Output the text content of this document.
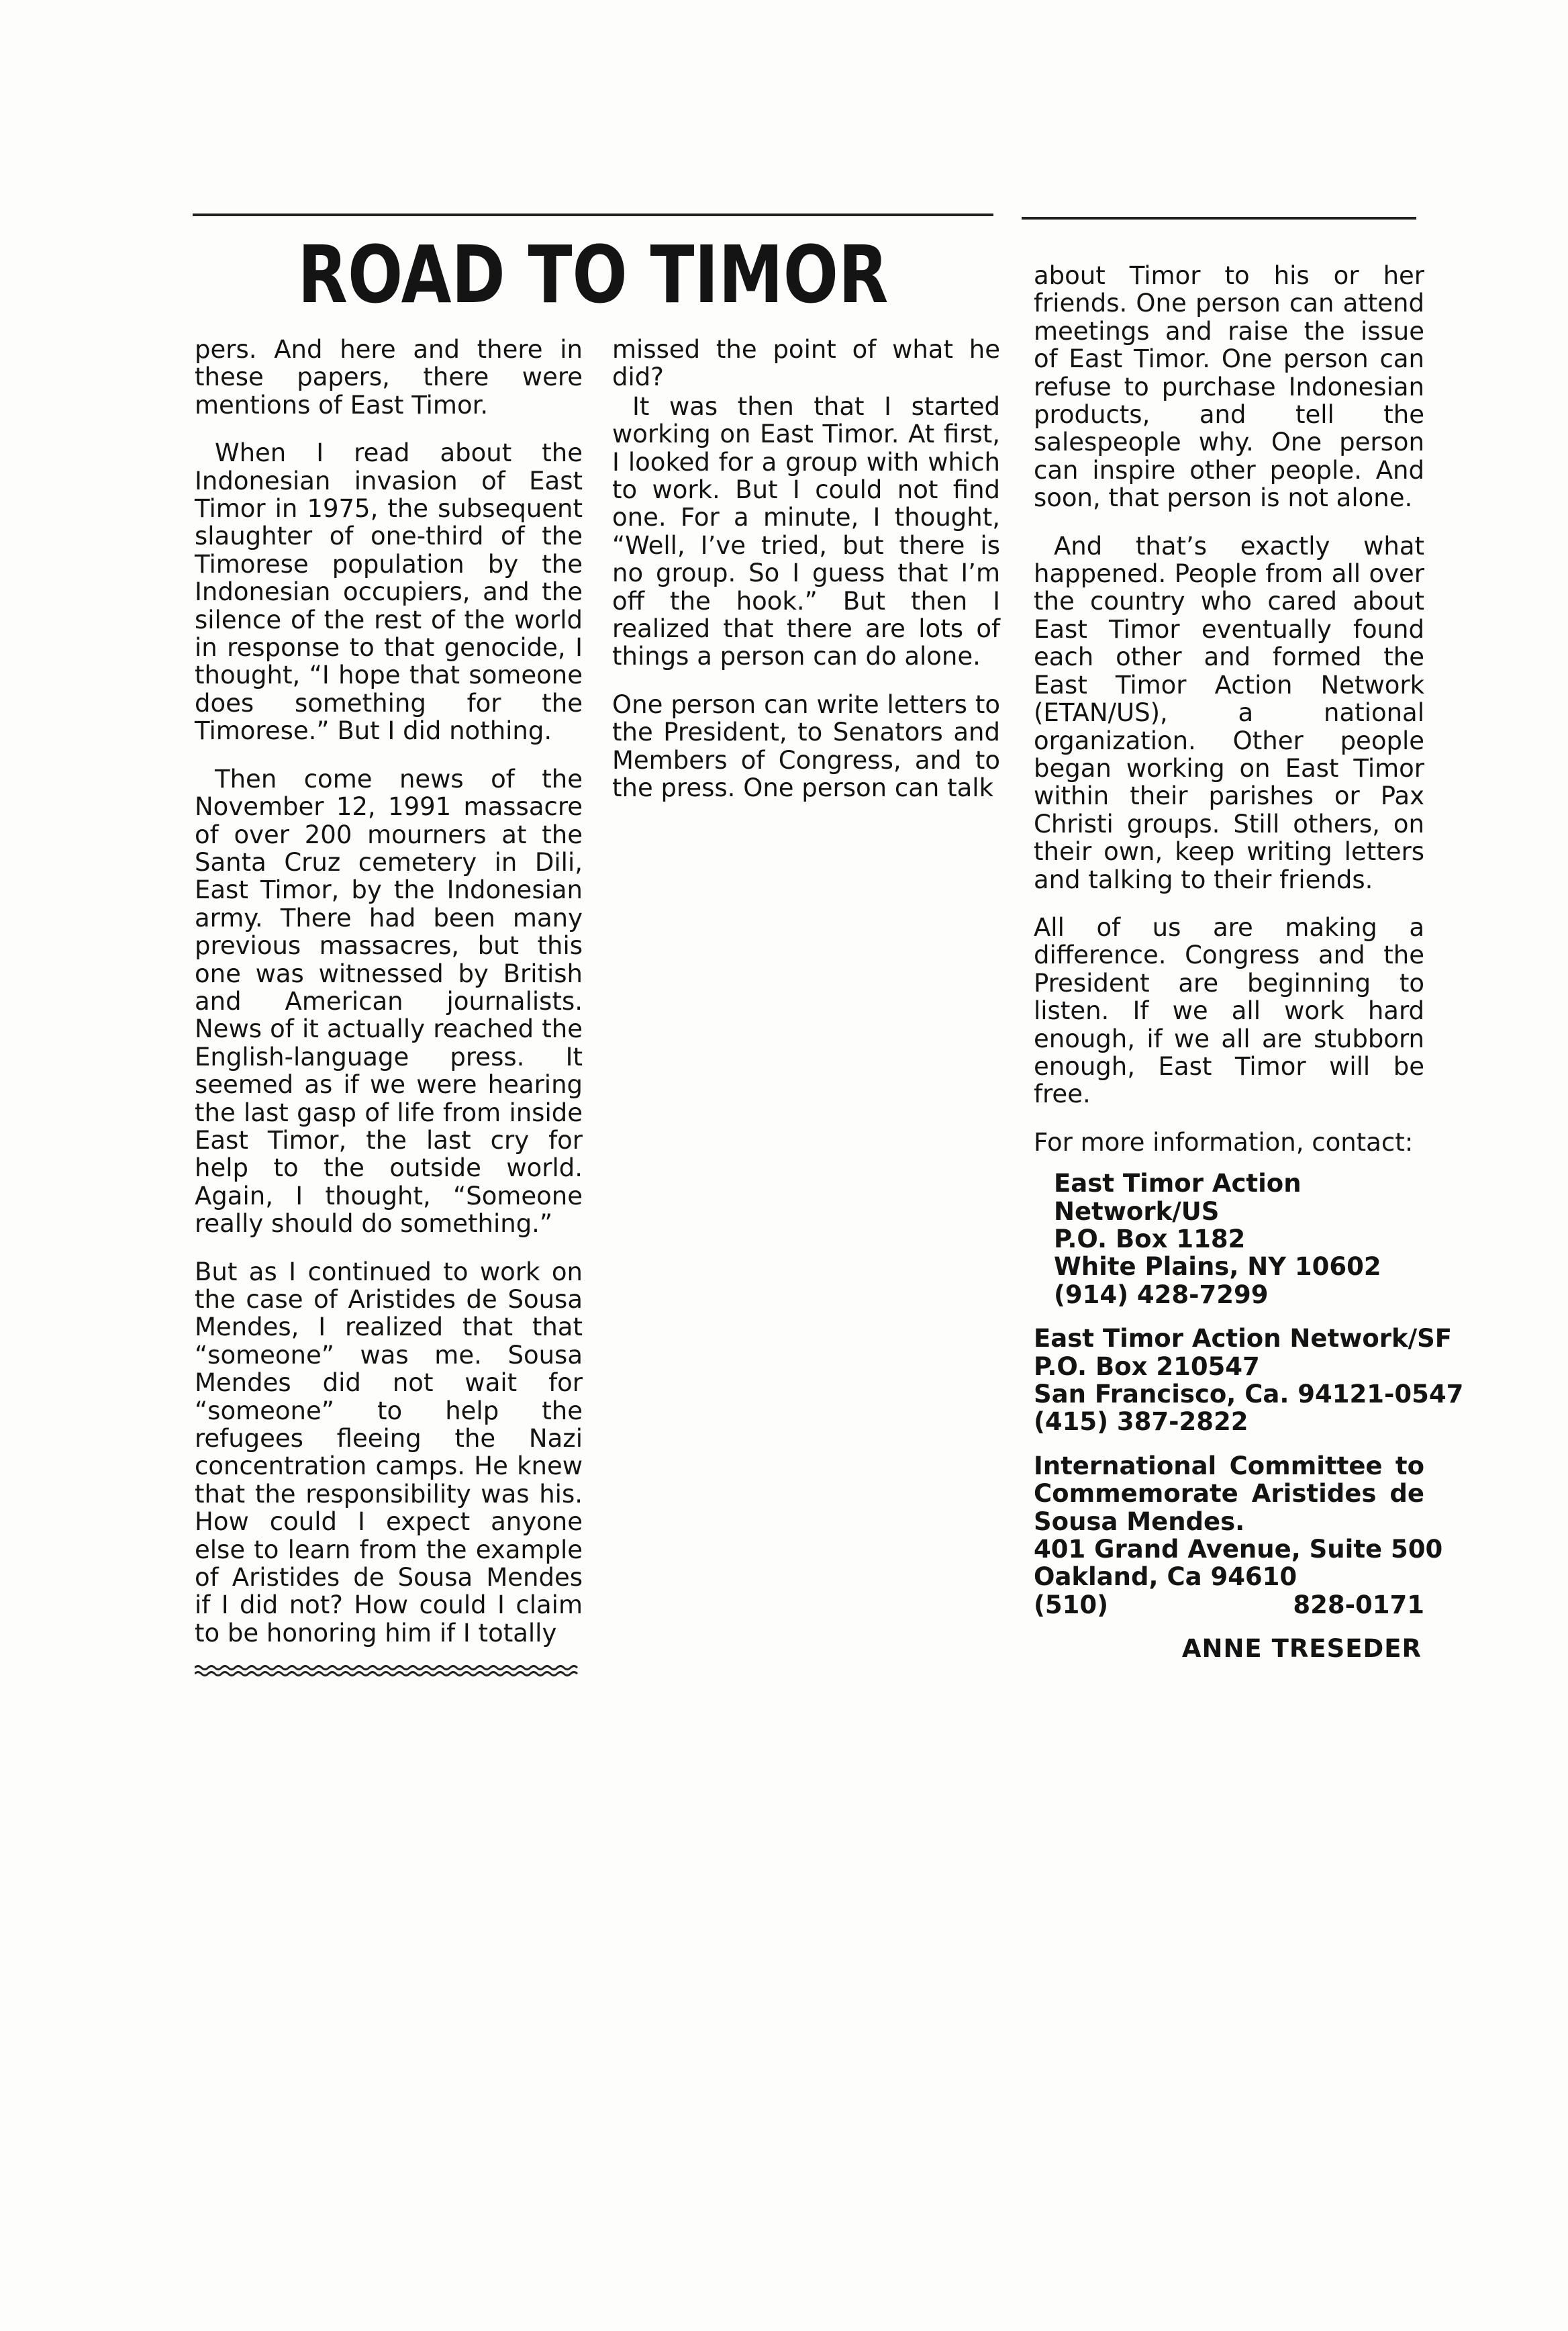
ROAD TO TIMOR

pers. And here and there in these papers, there were mentions of East Timor.

When I read about the Indonesian invasion of East Timor in 1975, the subsequent slaughter of one-third of the Timorese population by the Indonesian occupiers, and the silence of the rest of the world in response to that genocide, I thought, “I hope that someone does something for the Timorese.” But I did nothing.

Then come news of the November 12, 1991 massacre of over 200 mourners at the Santa Cruz cemetery in Dili, East Timor, by the Indonesian army. There had been many previous massacres, but this one was witnessed by British and American journalists. News of it actually reached the English-language press. It seemed as if we were hearing the last gasp of life from inside East Timor, the last cry for help to the outside world. Again, I thought, “Someone really should do something.”

But as I continued to work on the case of Aristides de Sousa Mendes, I realized that that “someone” was me. Sousa Mendes did not wait for “someone” to help the refugees fleeing the Nazi concentration camps. He knew that the responsibility was his. How could I expect anyone else to learn from the example of Aristides de Sousa Mendes if I did not? How could I claim to be honoring him if I totally

missed the point of what he did?

It was then that I started working on East Timor. At first, I looked for a group with which to work. But I could not find one. For a minute, I thought, “Well, I’ve tried, but there is no group. So I guess that I’m off the hook.” But then I realized that there are lots of things a person can do alone.

One person can write letters to the President, to Senators and Members of Congress, and to the press. One person can talk

about Timor to his or her friends. One person can attend meetings and raise the issue of East Timor. One person can refuse to purchase Indonesian products, and tell the salespeople why. One person can inspire other people. And soon, that person is not alone.

And that’s exactly what happened. People from all over the country who cared about East Timor eventually found each other and formed the East Timor Action Network (ETAN/US), a national organization. Other people began working on East Timor within their parishes or Pax Christi groups. Still others, on their own, keep writing letters and talking to their friends.

All of us are making a difference. Congress and the President are beginning to listen. If we all work hard enough, if we all are stubborn enough, East Timor will be free.

For more information, contact:

East Timor Action Network/US
P.O. Box 1182
White Plains, NY 10602
(914) 428-7299
East Timor Action Network/SF
P.O. Box 210547
San Francisco, Ca. 94121-0547
(415) 387-2822
International Committee to Commemorate Aristides de Sousa Mendes.
401 Grand Avenue, Suite 500
Oakland, Ca 94610
(510)	828-0171
ANNE TRESEDER
